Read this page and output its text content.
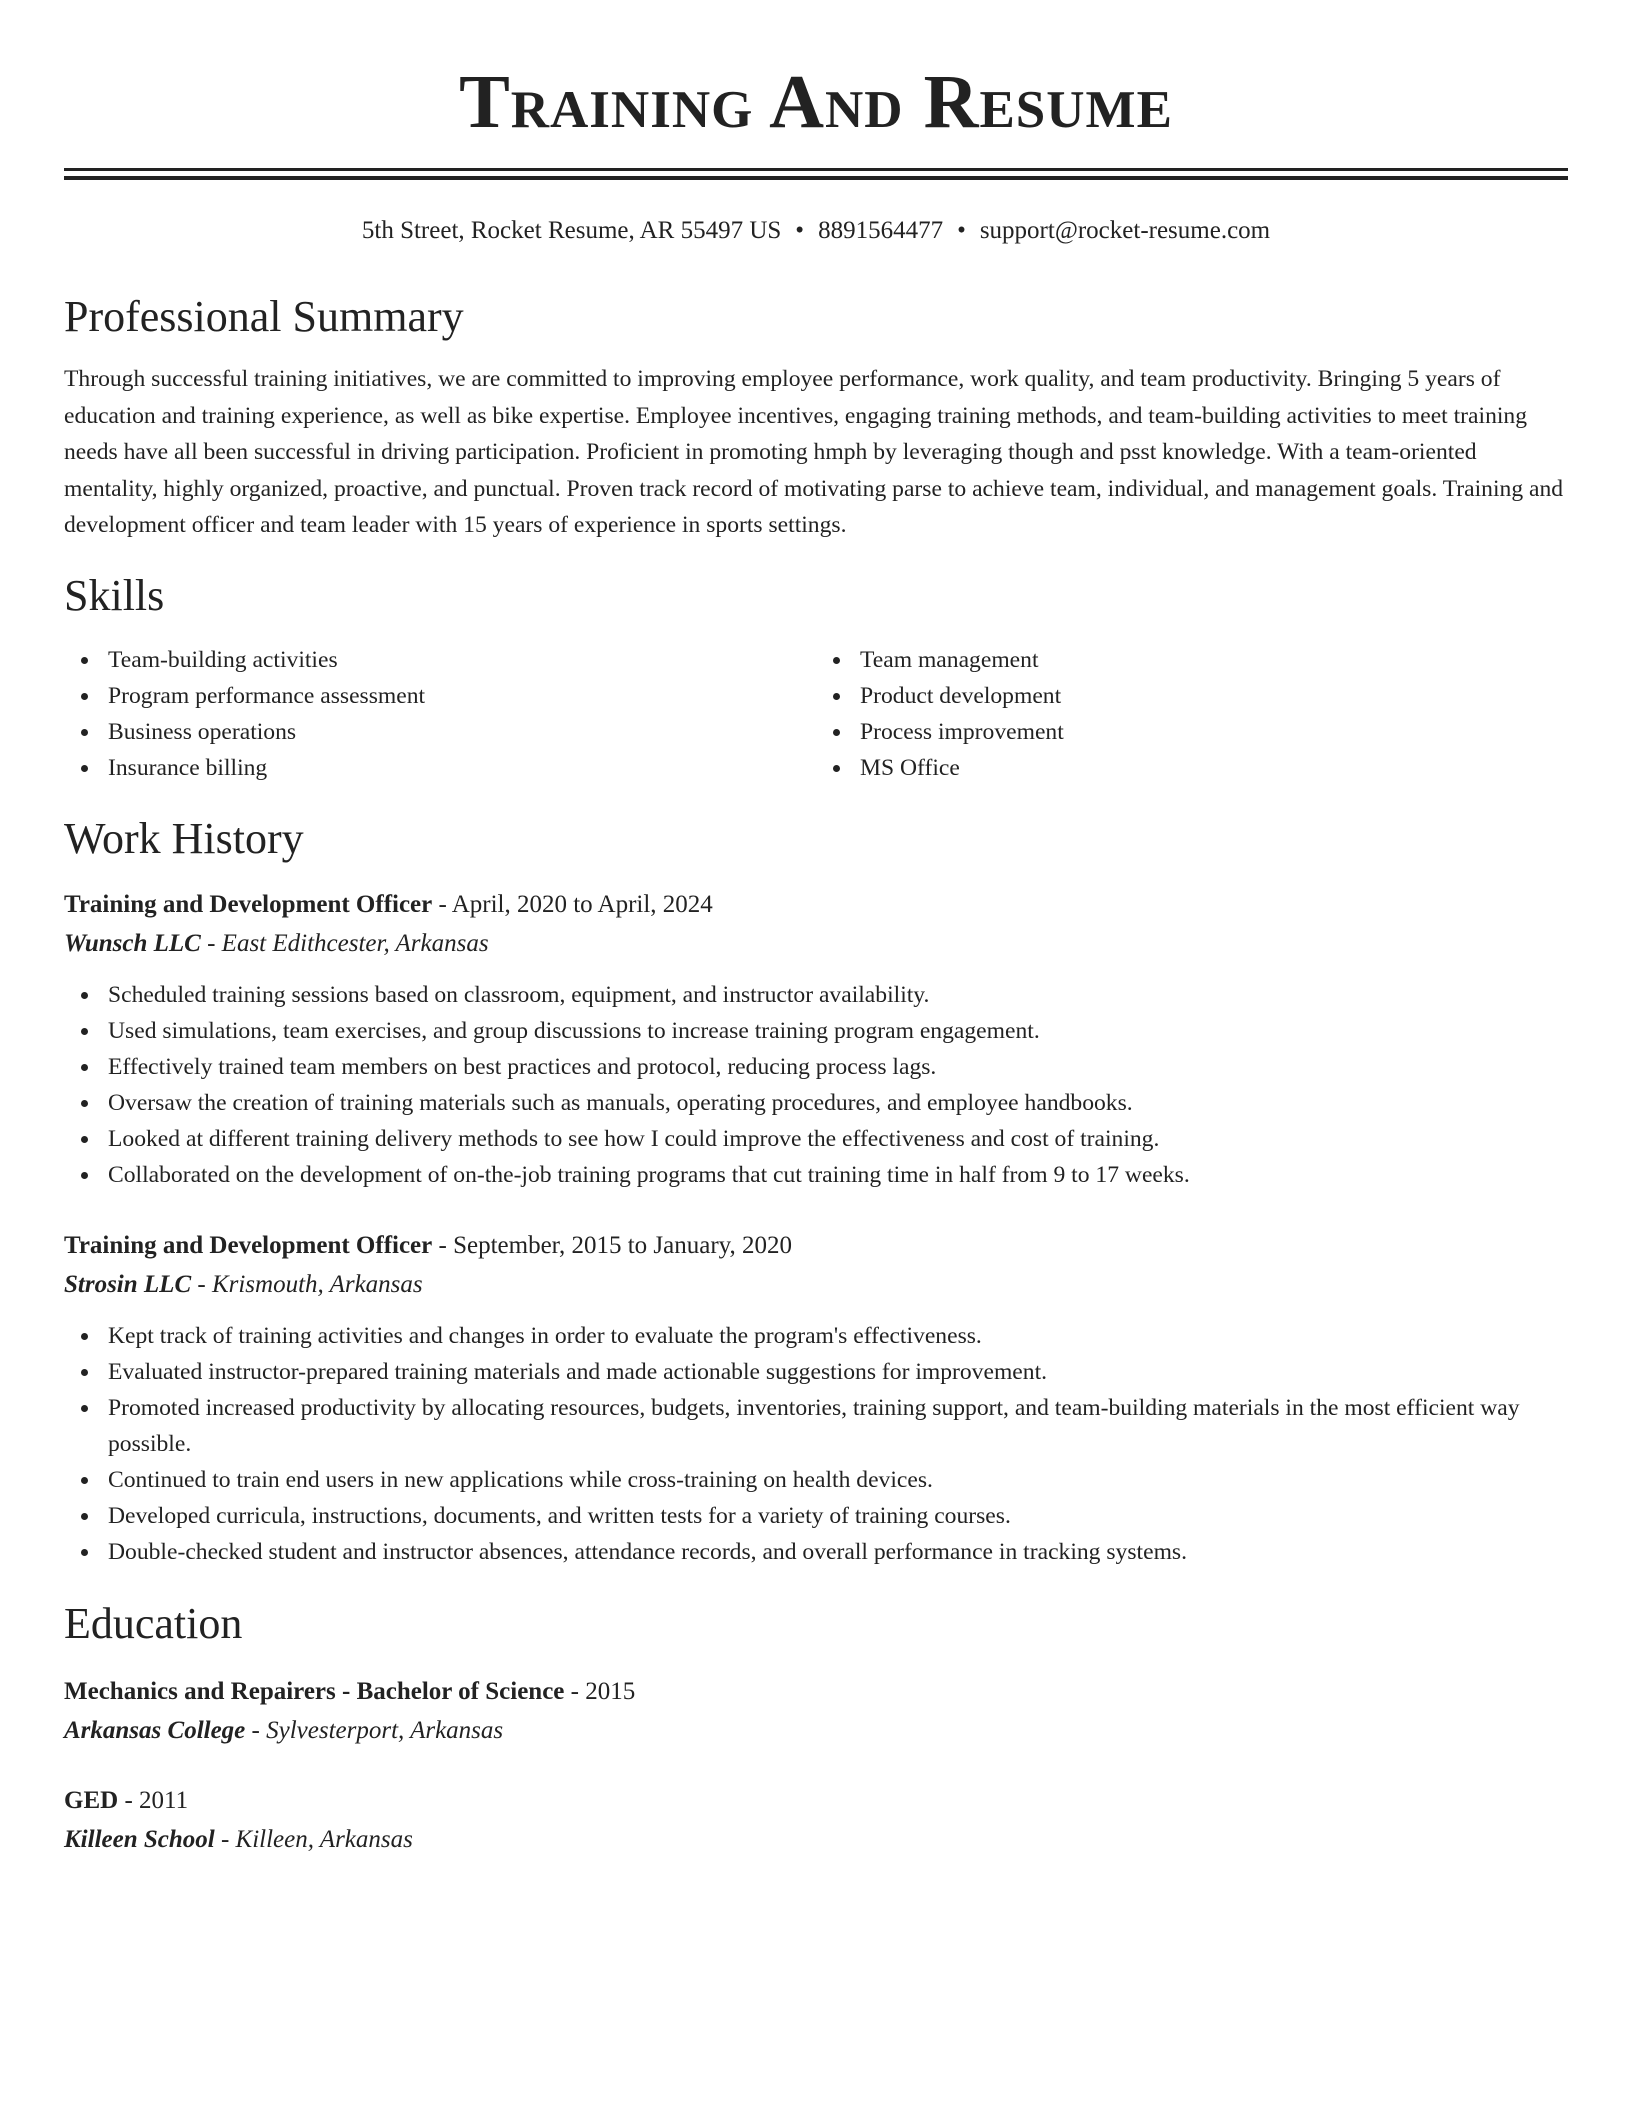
Training And Resume
5th Street, Rocket Resume, AR 55497 US • 8891564477 • support@rocket-resume.com
Professional Summary

Through successful training initiatives, we are committed to improving employee performance, work quality, and team productivity. Bringing 5 years of education and training experience, as well as bike expertise. Employee incentives, engaging training methods, and team-building activities to meet training needs have all been successful in driving participation. Proficient in promoting hmph by leveraging though and psst knowledge. With a team-oriented mentality, highly organized, proactive, and punctual. Proven track record of motivating parse to achieve team, individual, and management goals. Training and development officer and team leader with 15 years of experience in sports settings.

Skills
Team-building activities
Program performance assessment
Business operations
Insurance billing
Team management
Product development
Process improvement
MS Office
Work History
Training and Development Officer - April, 2020 to April, 2024
Wunsch LLC - East Edithcester, Arkansas
Scheduled training sessions based on classroom, equipment, and instructor availability.
Used simulations, team exercises, and group discussions to increase training program engagement.
Effectively trained team members on best practices and protocol, reducing process lags.
Oversaw the creation of training materials such as manuals, operating procedures, and employee handbooks.
Looked at different training delivery methods to see how I could improve the effectiveness and cost of training.
Collaborated on the development of on-the-job training programs that cut training time in half from 9 to 17 weeks.
Training and Development Officer - September, 2015 to January, 2020
Strosin LLC - Krismouth, Arkansas
Kept track of training activities and changes in order to evaluate the program's effectiveness.
Evaluated instructor-prepared training materials and made actionable suggestions for improvement.
Promoted increased productivity by allocating resources, budgets, inventories, training support, and team-building materials in the most efficient way possible.
Continued to train end users in new applications while cross-training on health devices.
Developed curricula, instructions, documents, and written tests for a variety of training courses.
Double-checked student and instructor absences, attendance records, and overall performance in tracking systems.
Education
Mechanics and Repairers - Bachelor of Science - 2015
Arkansas College - Sylvesterport, Arkansas
GED - 2011
Killeen School - Killeen, Arkansas
